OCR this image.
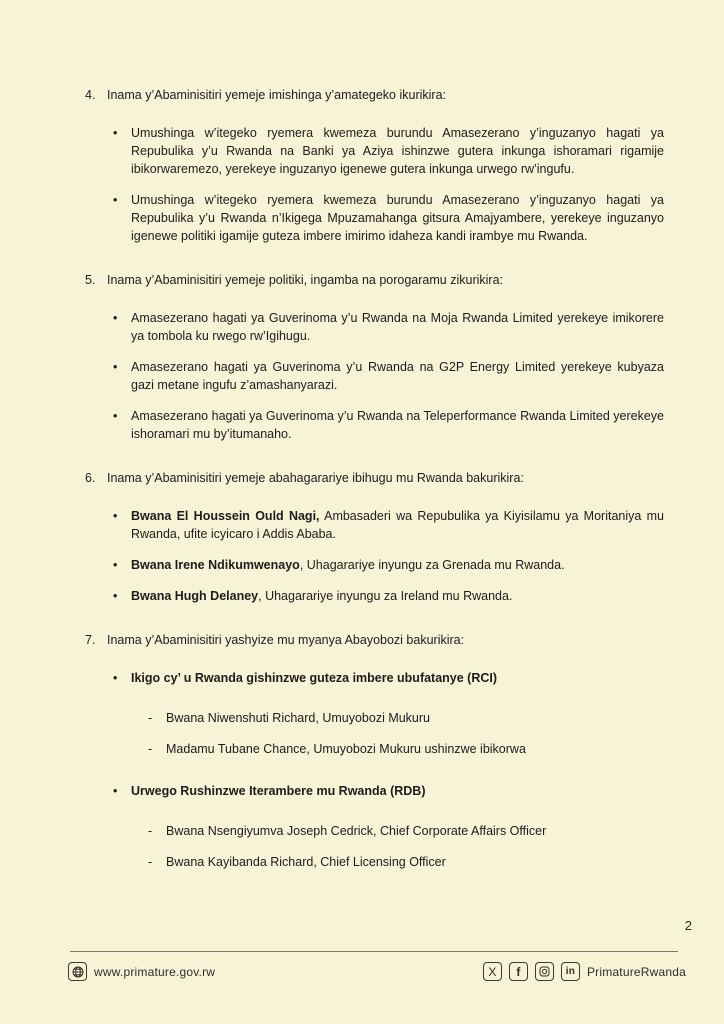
4. Inama y’Abaminisitiri yemeje imishinga y’amategeko ikurikira:
•

Umushinga w’itegeko ryemera kwemeza burundu Amasezerano y’inguzanyo hagati ya Repubulika y’u Rwanda na Banki ya Aziya ishinzwe gutera inkunga ishoramari rigamije ibikorwaremezo, yerekeye inguzanyo igenewe gutera inkunga urwego rw’ingufu.

•

Umushinga w’itegeko ryemera kwemeza burundu Amasezerano y’inguzanyo hagati ya Repubulika y’u Rwanda n’Ikigega Mpuzamahanga gitsura Amajyambere, yerekeye inguzanyo igenewe politiki igamije guteza imbere imirimo idaheza kandi irambye mu Rwanda.

5. Inama y’Abaminisitiri yemeje politiki, ingamba na porogaramu zikurikira:
•

Amasezerano hagati ya Guverinoma y’u Rwanda na Moja Rwanda Limited yerekeye imikorere ya tombola ku rwego rw’Igihugu.

•

Amasezerano hagati ya Guverinoma y’u Rwanda na G2P Energy Limited yerekeye kubyaza gazi metane ingufu z’amashanyarazi.

•

Amasezerano hagati ya Guverinoma y’u Rwanda na Teleperformance Rwanda Limited yerekeye ishoramari mu by’itumanaho.

6. Inama y’Abaminisitiri yemeje abahagarariye ibihugu mu Rwanda bakurikira:
•

Bwana El Houssein Ould Nagi, Ambasaderi wa Repubulika ya Kiyisilamu ya Moritaniya mu Rwanda, ufite icyicaro i Addis Ababa.

•

Bwana Irene Ndikumwenayo, Uhagarariye inyungu za Grenada mu Rwanda.

•

Bwana Hugh Delaney, Uhagarariye inyungu za Ireland mu Rwanda.

7. Inama y’Abaminisitiri yashyize mu myanya Abayobozi bakurikira:
•

Ikigo cy’ u Rwanda gishinzwe guteza imbere ubufatanye (RCI)

-

Bwana Niwenshuti Richard, Umuyobozi Mukuru

-

Madamu Tubane Chance, Umuyobozi Mukuru ushinzwe ibikorwa

•

Urwego Rushinzwe Iterambere mu Rwanda (RDB)

-

Bwana Nsengiyumva Joseph Cedrick, Chief Corporate Affairs Officer

-

Bwana Kayibanda Richard, Chief Licensing Officer

2
www.primature.gov.rw X f in	PrimatureRwanda
